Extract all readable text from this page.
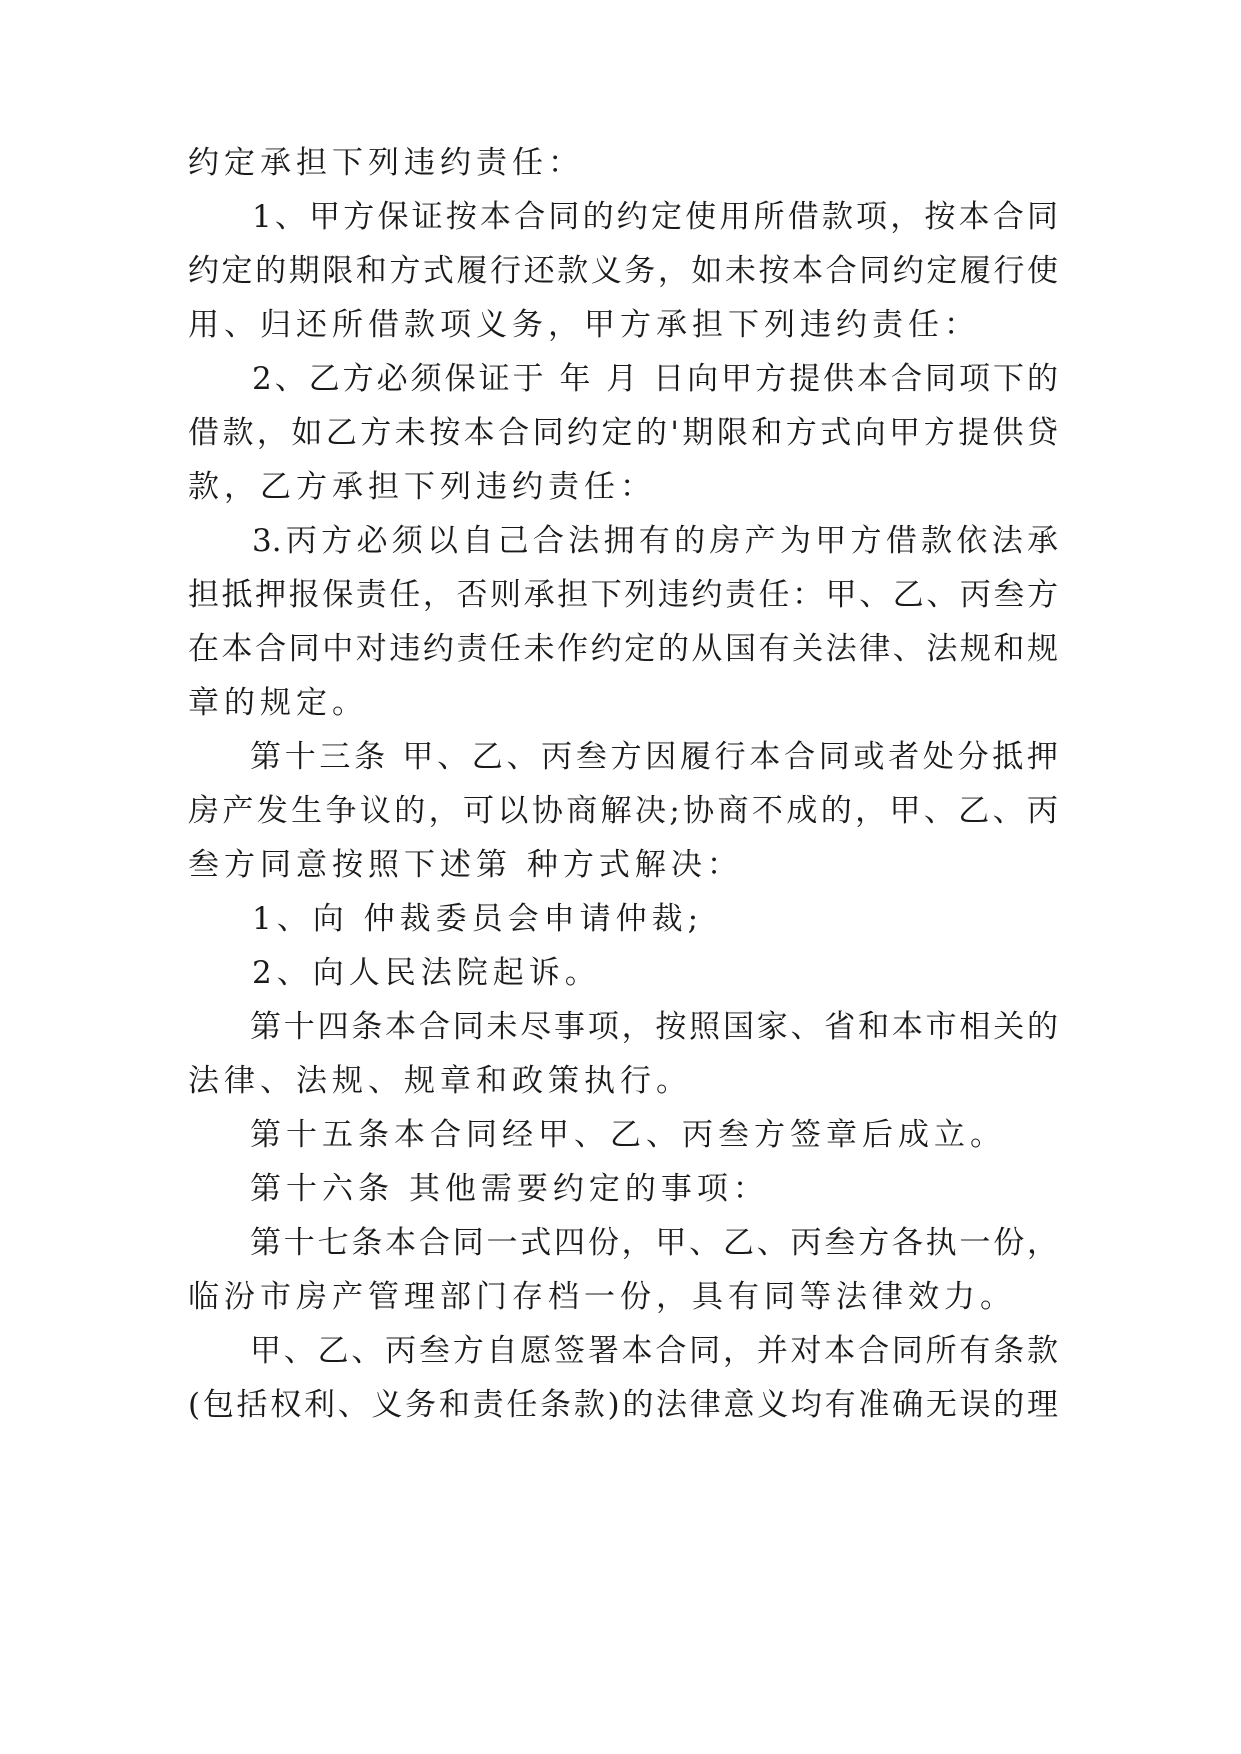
约定承担下列违约责任：
1、甲方保证按本合同的约定使用所借款项，按本合同
约定的期限和方式履行还款义务，如未按本合同约定履行使
用、归还所借款项义务，甲方承担下列违约责任：
2、乙方必须保证于 年 月 日向甲方提供本合同项下的
借款，如乙方未按本合同约定的'期限和方式向甲方提供贷
款，乙方承担下列违约责任：
3.丙方必须以自己合法拥有的房产为甲方借款依法承
担抵押报保责任，否则承担下列违约责任：甲、乙、丙叁方
在本合同中对违约责任未作约定的从国有关法律、法规和规
章的规定。
第十三条 甲、乙、丙叁方因履行本合同或者处分抵押
房产发生争议的，可以协商解决;协商不成的，甲、乙、丙
叁方同意按照下述第 种方式解决：
1、向 仲裁委员会申请仲裁;
2、向人民法院起诉。
第十四条本合同未尽事项，按照国家、省和本市相关的
法律、法规、规章和政策执行。
第十五条本合同经甲、乙、丙叁方签章后成立。
第十六条 其他需要约定的事项：
第十七条本合同一式四份，甲、乙、丙叁方各执一份，
临汾市房产管理部门存档一份，具有同等法律效力。
甲、乙、丙叁方自愿签署本合同，并对本合同所有条款
(包括权利、义务和责任条款)的法律意义均有准确无误的理
